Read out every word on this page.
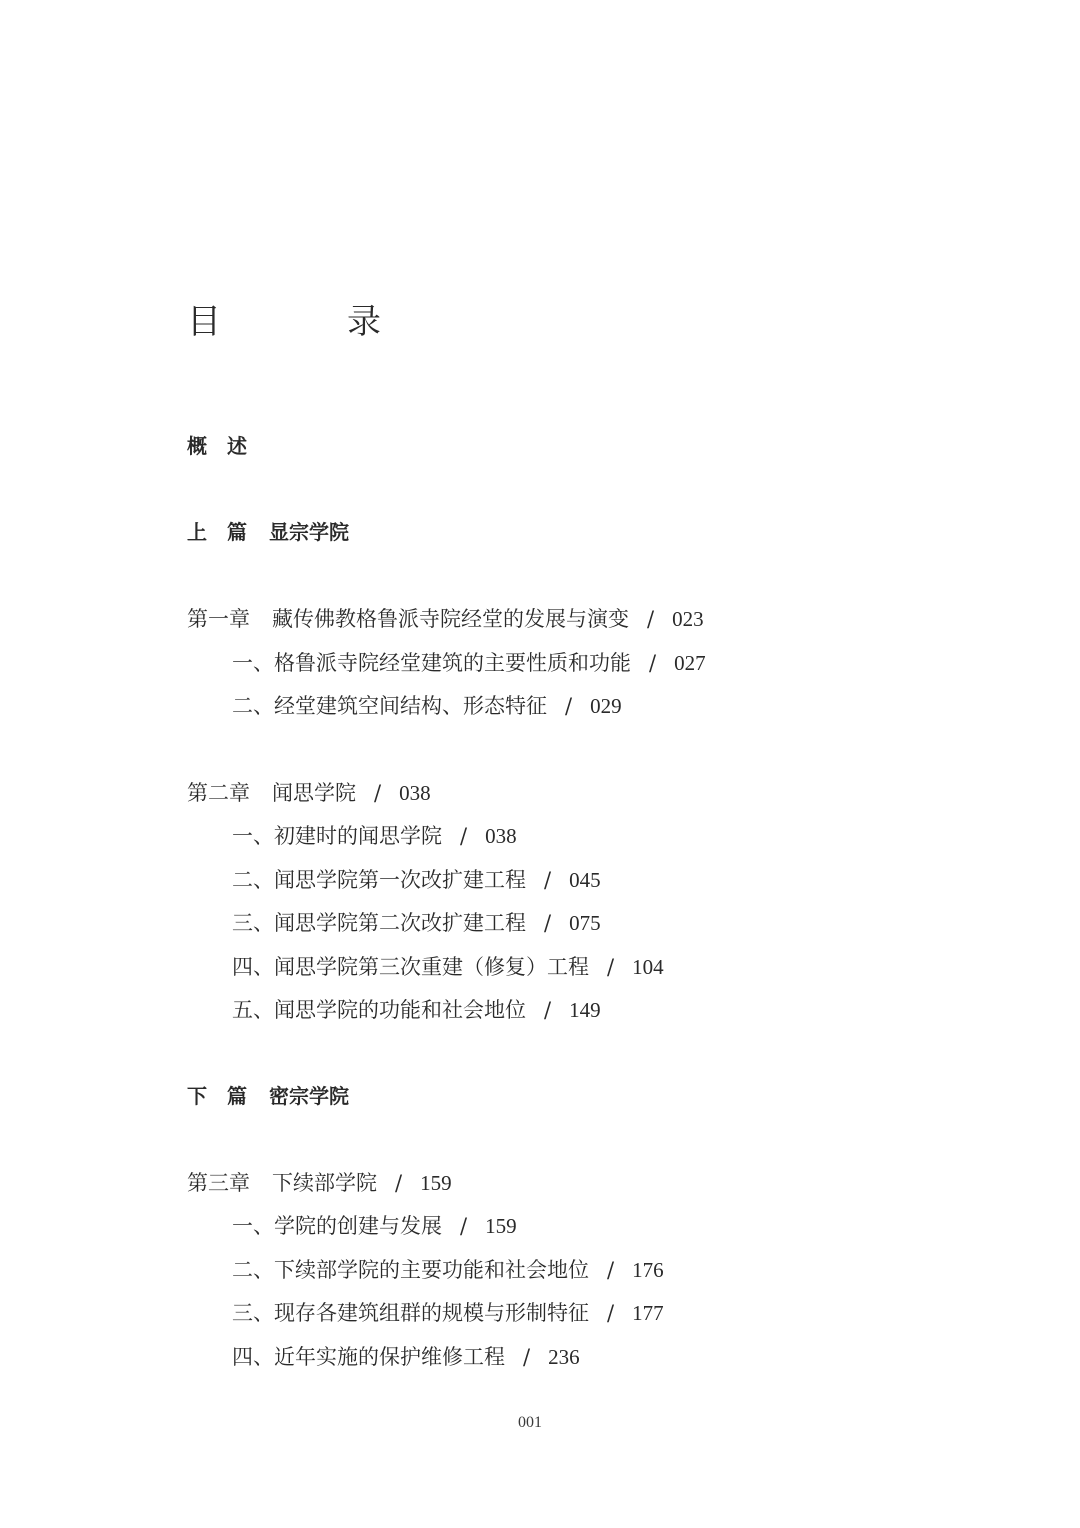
目　录
概　述
上　篇 显宗学院
第一章 藏传佛教格鲁派寺院经堂的发展与演变 / 023
一、格鲁派寺院经堂建筑的主要性质和功能 / 027
二、经堂建筑空间结构、形态特征 / 029
第二章 闻思学院 / 038
一、初建时的闻思学院 / 038
二、闻思学院第一次改扩建工程 / 045
三、闻思学院第二次改扩建工程 / 075
四、闻思学院第三次重建（修复）工程 / 104
五、闻思学院的功能和社会地位 / 149
下　篇 密宗学院
第三章 下续部学院 / 159
一、学院的创建与发展 / 159
二、下续部学院的主要功能和社会地位 / 176
三、现存各建筑组群的规模与形制特征 / 177
四、近年实施的保护维修工程 / 236
001
